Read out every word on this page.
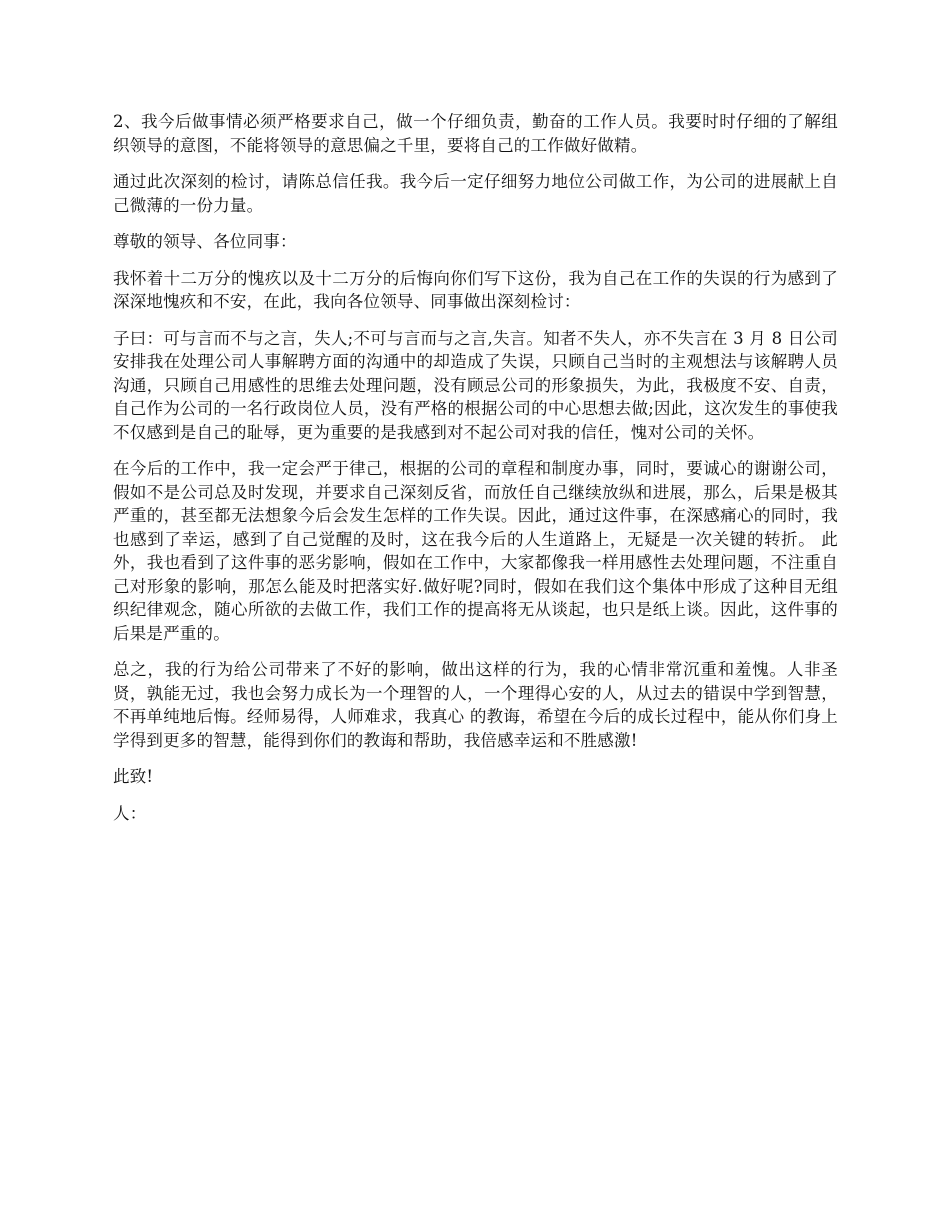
2、我今后做事情必须严格要求自己，做一个仔细负责，勤奋的工作人员。我要时时仔细的了解组织领导的意图，不能将领导的意思偏之千里，要将自己的工作做好做精。

通过此次深刻的检讨，请陈总信任我。我今后一定仔细努力地位公司做工作，为公司的进展献上自己微薄的一份力量。

尊敬的领导、各位同事：

我怀着十二万分的愧疚以及十二万分的后悔向你们写下这份，我为自己在工作的失误的行为感到了深深地愧疚和不安，在此，我向各位领导、同事做出深刻检讨：

子曰：可与言而不与之言，失人;不可与言而与之言,失言。知者不失人，亦不失言在 3 月 8 日公司安排我在处理公司人事解聘方面的沟通中的却造成了失误，只顾自己当时的主观想法与该解聘人员沟通，只顾自己用感性的思维去处理问题，没有顾忌公司的形象损失，为此，我极度不安、自责，自己作为公司的一名行政岗位人员，没有严格的根据公司的中心思想去做;因此，这次发生的事使我不仅感到是自己的耻辱，更为重要的是我感到对不起公司对我的信任，愧对公司的关怀。

在今后的工作中，我一定会严于律己，根据的公司的章程和制度办事，同时，要诚心的谢谢公司，假如不是公司总及时发现，并要求自己深刻反省，而放任自己继续放纵和进展，那么，后果是极其严重的，甚至都无法想象今后会发生怎样的工作失误。因此，通过这件事，在深感痛心的同时，我也感到了幸运，感到了自己觉醒的及时，这在我今后的人生道路上，无疑是一次关键的转折。 此外，我也看到了这件事的恶劣影响，假如在工作中，大家都像我一样用感性去处理问题，不注重自己对形象的影响，那怎么能及时把落实好.做好呢?同时，假如在我们这个集体中形成了这种目无组织纪律观念，随心所欲的去做工作，我们工作的提高将无从谈起，也只是纸上谈。因此，这件事的后果是严重的。

总之，我的行为给公司带来了不好的影响，做出这样的行为，我的心情非常沉重和羞愧。人非圣贤，孰能无过，我也会努力成长为一个理智的人，一个理得心安的人，从过去的错误中学到智慧，不再单纯地后悔。经师易得，人师难求，我真心 的教诲，希望在今后的成长过程中，能从你们身上学得到更多的智慧，能得到你们的教诲和帮助，我倍感幸运和不胜感激!

此致!

人：
